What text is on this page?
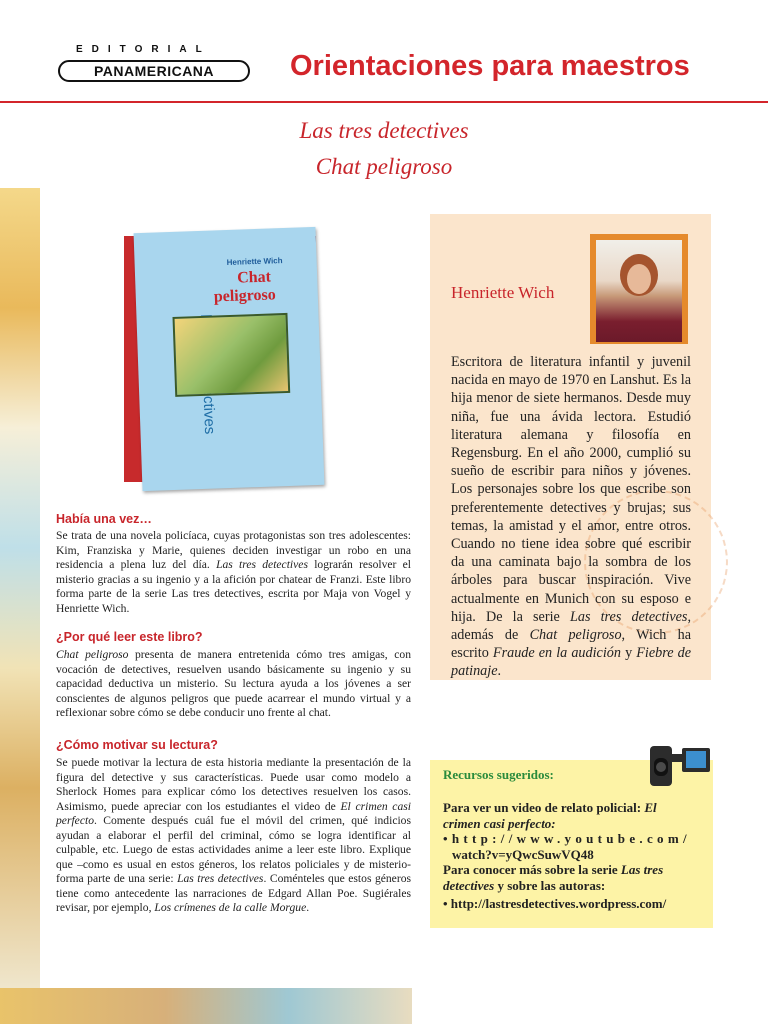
EDITORIAL
PANAMERICANA	Orientaciones para maestros
Las tres detectives
Chat peligroso
Henriette Wich
Chat
peligroso	Henriette Wich
Escritora de literatura infantil y juvenil nacida en mayo de 1970 en Lanshut. Es la hija menor de siete hermanos. Desde muy niña, fue una ávida lectora. Estudió literatura alemana y filosofía en Regensburg. En el año 2000, cumplió su sueño de escribir para niños y jóvenes. Los personajes sobre los que escribe son preferentemente detectives y brujas; sus temas, la amistad y el amor, entre otros. Cuando no tiene idea sobre qué escribir da una caminata bajo la sombra de los árboles para buscar inspiración. Vive actualmente en Munich con su esposo e hija. De la serie Las tres detectives, además de Chat peligroso, Wich ha escrito Fraude en la audición y Fiebre de patinaje.
Había una vez…
Se trata de una novela policíaca, cuyas protagonistas son tres adolescentes: Kim, Franziska y Marie, quienes deciden investigar un robo en una residencia a plena luz del día. Las tres detectives lograrán resolver el misterio gracias a su ingenio y a la afición por chatear de Franzi. Este libro forma parte de la serie Las tres detectives, escrita por Maja von Vogel y Henriette Wich.
¿Por qué leer este libro?
Chat peligroso presenta de manera entretenida cómo tres amigas, con vocación de detectives, resuelven usando básicamente su ingenio y su capacidad deductiva un misterio. Su lectura ayuda a los jóvenes a ser conscientes de algunos peligros que puede acarrear el mundo virtual y a reflexionar sobre cómo se debe conducir uno frente al chat.
¿Cómo motivar su lectura?
Se puede motivar la lectura de esta historia mediante la presentación de la figura del detective y sus características. Puede usar como modelo a Sherlock Homes para explicar cómo los detectives resuelven los casos. Asimismo, puede apreciar con los estudiantes el video de El crimen casi perfecto. Comente después cuál fue el móvil del crimen, qué indicios ayudan a elaborar el perfil del criminal, cómo se logra identificar al culpable, etc. Luego de estas actividades anime a leer este libro. Explique que –como es usual en estos géneros, los relatos policiales y de misterio- forma parte de una serie: Las tres detectives. Coménteles que estos géneros tiene como antecedente las narraciones de Edgard Allan Poe. Sugiérales revisar, por ejemplo, Los crímenes de la calle Morgue.
Recursos sugeridos:
Para ver un video de relato policial: El crimen casi perfecto:
•http://www.youtube.com/
watch?v=yQwcSuwVQ48
Para conocer más sobre la serie Las tres detectives y sobre las autoras:
• http://lastresdetectives.wordpress.com/
